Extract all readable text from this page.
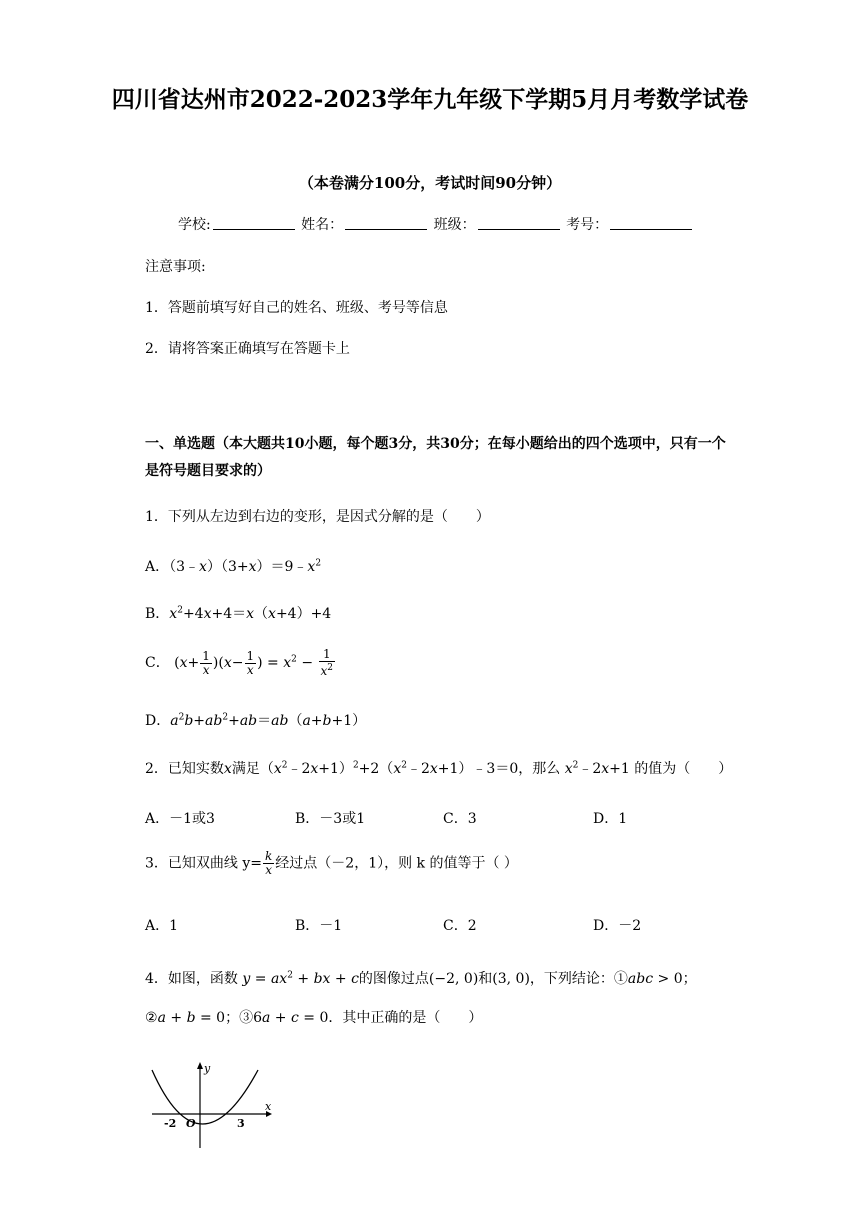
四川省达州市2022-2023学年九年级下学期5月月考数学试卷
（本卷满分100分，考试时间90分钟）
学校:	姓名：	班级：	考号：
注意事项:
1．答题前填写好自己的姓名、班级、考号等信息
2．请将答案正确填写在答题卡上
一、单选题（本大题共10小题，每个题3分，共30分；在每小题给出的四个选项中，只有一个是符号题目要求的）
1．下列从左边到右边的变形，是因式分解的是（　　）
A．$(3﹣x)(3+x)=9﹣x^2$
B．$x^2+4x+4=x(x+4)+4$
C． $(x+ \frac{1}{x} )(x- \frac{1}{x}$ ) = $x^2 - \frac{1}{x^2}$
D．$a^2b+ab^2+ab=ab(a+b+1)$
2．已知实数x满足$(x^2﹣2x+1)^2+2(x^2﹣2x+1)﹣3=0$，那么 $x^2﹣2x+1$ 的值为（　　）
A．－1或3	B．－3或1	C．3	D．1
3．已知双曲线 $y= \frac{k}{x}$ 经过点（－2，1），则 k 的值等于（ ）
A．1	B．－1	C．2	D．－2
4．如图，函数 $y = ax^2$ + bx + c的图像过点(−2, 0)和(3, 0)，下列结论：①abc > 0；
②a + b = 0；③6a + c = 0．其中正确的是（　　）
x
y
O
-2	3
